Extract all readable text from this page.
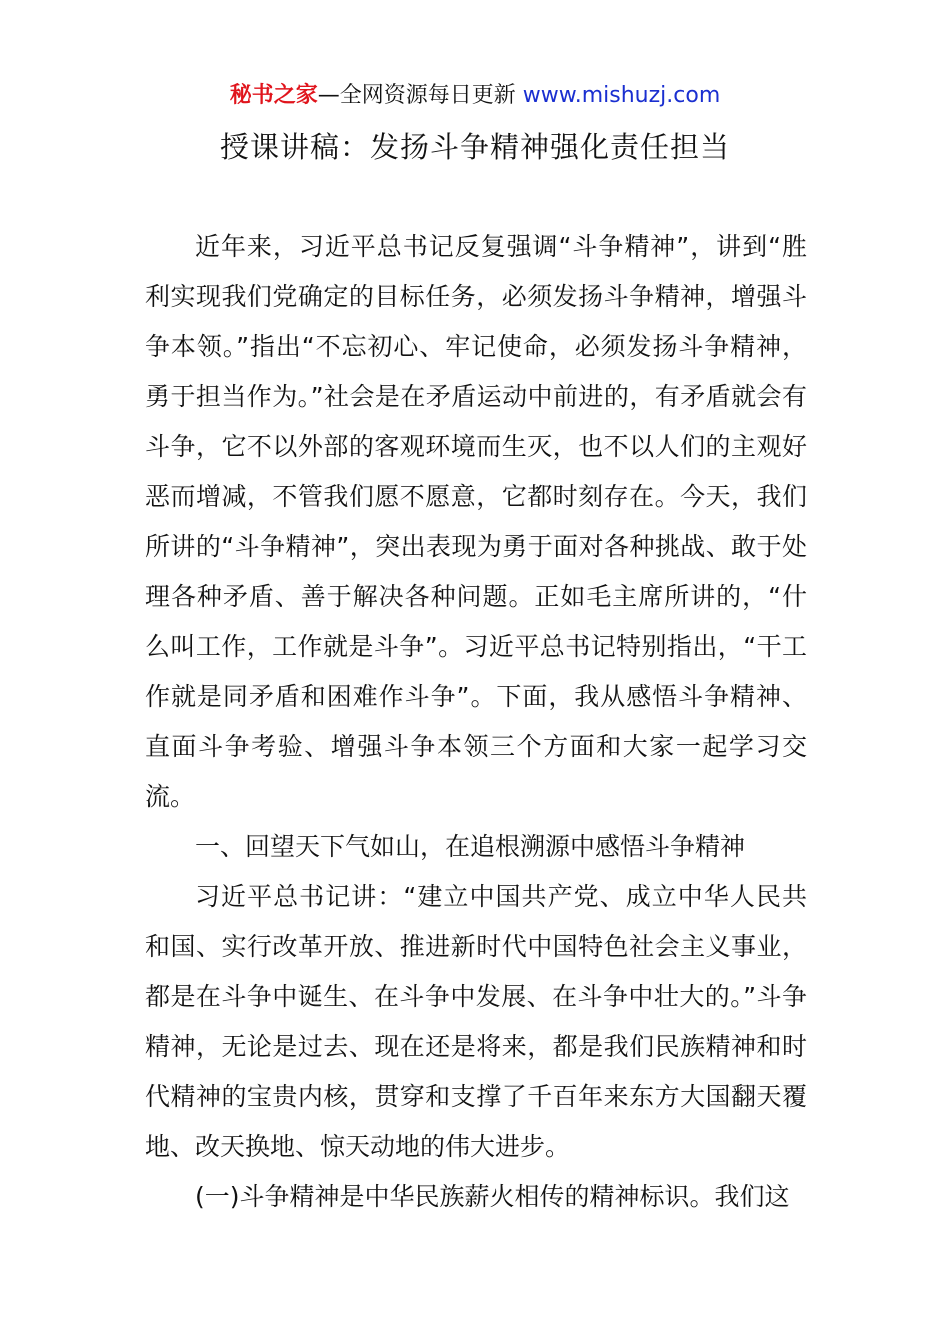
秘书之家—全网资源每日更新 www.mishuzj.com
授课讲稿：发扬斗争精神强化责任担当

近年来，习近平总书记反复强调“斗争精神”，讲到“胜利实现我们党确定的目标任务，必须发扬斗争精神，增强斗争本领。”指出“不忘初心、牢记使命，必须发扬斗争精神，勇于担当作为。”社会是在矛盾运动中前进的，有矛盾就会有斗争，它不以外部的客观环境而生灭，也不以人们的主观好恶而增减，不管我们愿不愿意，它都时刻存在。今天，我们所讲的“斗争精神”，突出表现为勇于面对各种挑战、敢于处理各种矛盾、善于解决各种问题。正如毛主席所讲的，“什么叫工作，工作就是斗争”。习近平总书记特别指出，“干工作就是同矛盾和困难作斗争”。下面，我从感悟斗争精神、直面斗争考验、增强斗争本领三个方面和大家一起学习交流。

一、回望天下气如山，在追根溯源中感悟斗争精神

习近平总书记讲：“建立中国共产党、成立中华人民共和国、实行改革开放、推进新时代中国特色社会主义事业，都是在斗争中诞生、在斗争中发展、在斗争中壮大的。”斗争精神，无论是过去、现在还是将来，都是我们民族精神和时代精神的宝贵内核，贯穿和支撑了千百年来东方大国翻天覆地、改天换地、惊天动地的伟大进步。

(一)斗争精神是中华民族薪火相传的精神标识。我们这
